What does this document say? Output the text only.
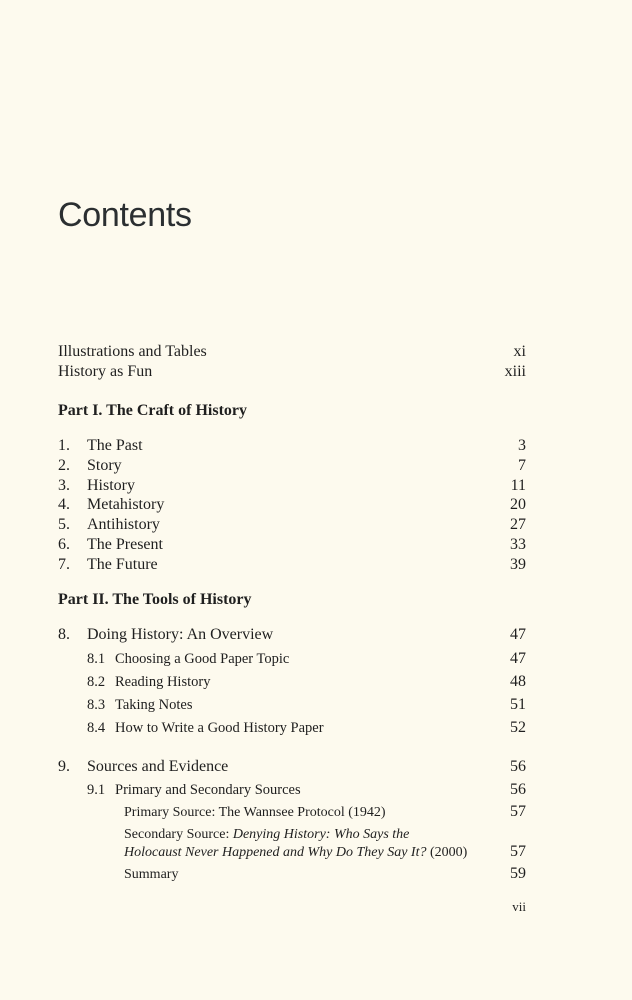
Contents
Illustrations and Tables	xi
History as Fun	xiii
Part I. The Craft of History
1.	The Past	3
2.	Story	7
3.	History	11
4.	Metahistory	20
5.	Antihistory	27
6.	The Present	33
7.	The Future	39
Part II. The Tools of History
8.	Doing History: An Overview	47
8.1 Choosing a Good Paper Topic	47
8.2 Reading History	48
8.3 Taking Notes	51
8.4 How to Write a Good History Paper	52
9.	Sources and Evidence	56
9.1 Primary and Secondary Sources	56
Primary Source: The Wannsee Protocol (1942)	57
Secondary Source: Denying History: Who Says the
Holocaust Never Happened and Why Do They Say It? (2000)	57
Summary	59
vii
